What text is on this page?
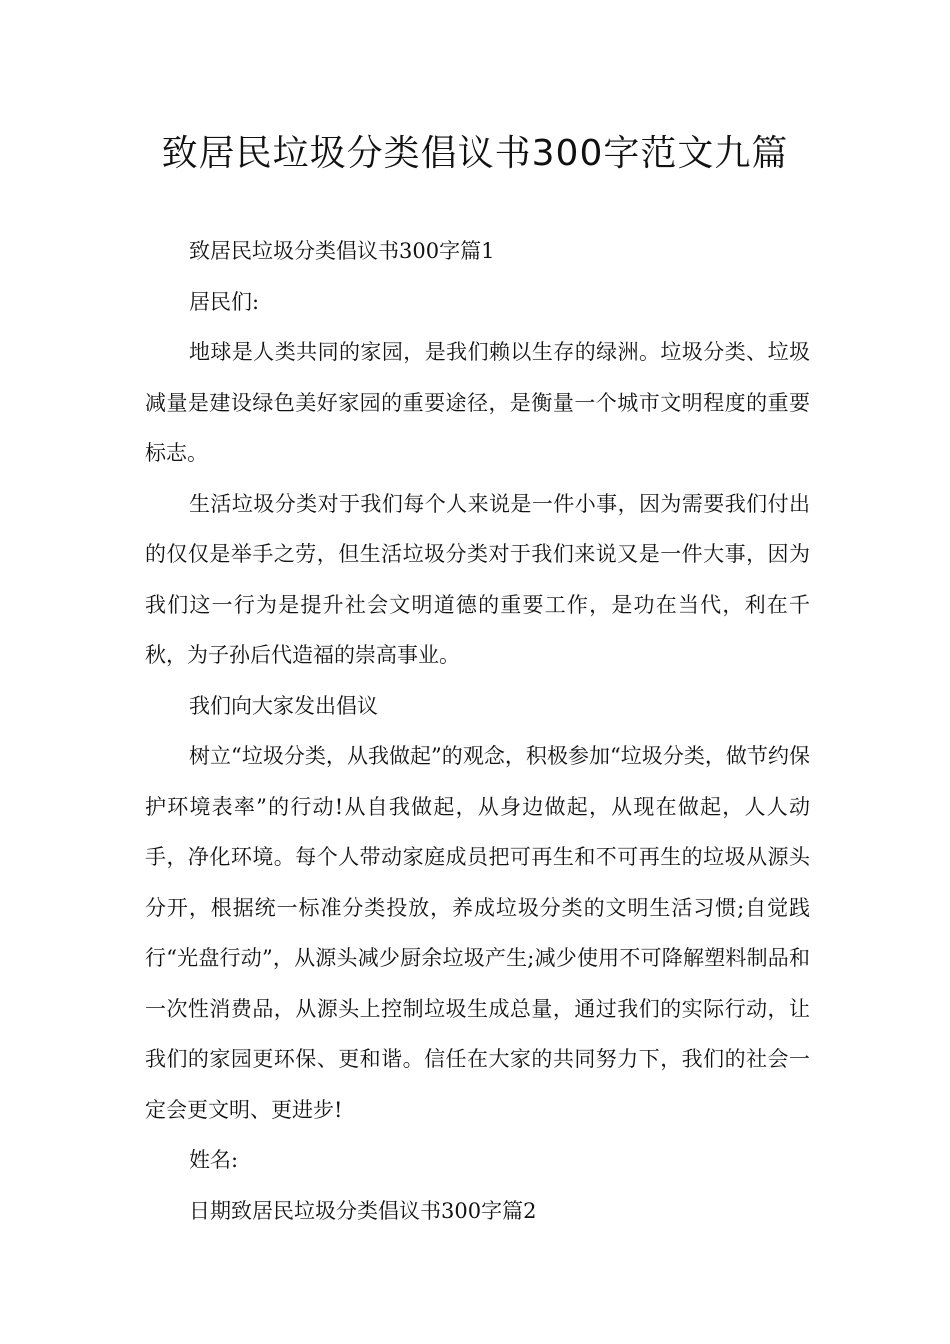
致居民垃圾分类倡议书300字范文九篇

致居民垃圾分类倡议书300字篇1

居民们:

地球是人类共同的家园，是我们赖以生存的绿洲。垃圾分类、垃圾减量是建设绿色美好家园的重要途径，是衡量一个城市文明程度的重要标志。

生活垃圾分类对于我们每个人来说是一件小事，因为需要我们付出的仅仅是举手之劳，但生活垃圾分类对于我们来说又是一件大事，因为我们这一行为是提升社会文明道德的重要工作，是功在当代，利在千秋，为子孙后代造福的崇高事业。

我们向大家发出倡议

树立“垃圾分类，从我做起”的观念，积极参加“垃圾分类，做节约保护环境表率”的行动!从自我做起，从身边做起，从现在做起，人人动手，净化环境。每个人带动家庭成员把可再生和不可再生的垃圾从源头分开，根据统一标准分类投放，养成垃圾分类的文明生活习惯;自觉践行“光盘行动”，从源头减少厨余垃圾产生;减少使用不可降解塑料制品和一次性消费品，从源头上控制垃圾生成总量，通过我们的实际行动，让我们的家园更环保、更和谐。信任在大家的共同努力下，我们的社会一定会更文明、更进步!

姓名:

日期致居民垃圾分类倡议书300字篇2
